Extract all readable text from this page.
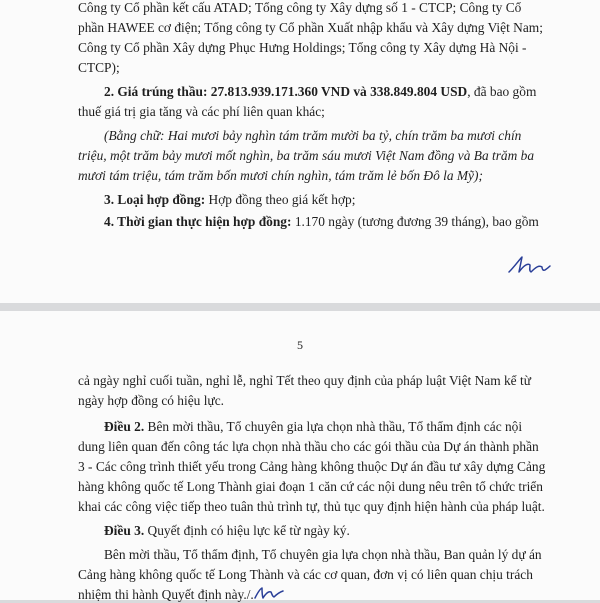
Công ty Cổ phần kết cấu ATAD; Tổng công ty Xây dựng số 1 - CTCP; Công ty Cổ
phần HAWEE cơ điện; Tổng công ty Cổ phần Xuất nhập khẩu và Xây dựng Việt Nam;
Công ty Cổ phần Xây dựng Phục Hưng Holdings; Tổng công ty Xây dựng Hà Nội -
CTCP);
2. Giá trúng thầu: 27.813.939.171.360 VND và 338.849.804 USD, đã bao gồm
thuế giá trị gia tăng và các phí liên quan khác;
(Bằng chữ: Hai mươi bảy nghìn tám trăm mười ba tỷ, chín trăm ba mươi chín
triệu, một trăm bảy mươi mốt nghìn, ba trăm sáu mươi Việt Nam đồng và Ba trăm ba
mươi tám triệu, tám trăm bốn mươi chín nghìn, tám trăm lẻ bốn Đô la Mỹ);
3. Loại hợp đồng: Hợp đồng theo giá kết hợp;
4. Thời gian thực hiện hợp đồng: 1.170 ngày (tương đương 39 tháng), bao gồm
5
cả ngày nghỉ cuối tuần, nghỉ lễ, nghỉ Tết theo quy định của pháp luật Việt Nam kể từ
ngày hợp đồng có hiệu lực.
Điều 2. Bên mời thầu, Tổ chuyên gia lựa chọn nhà thầu, Tổ thẩm định các nội
dung liên quan đến công tác lựa chọn nhà thầu cho các gói thầu của Dự án thành phần
3 - Các công trình thiết yếu trong Cảng hàng không thuộc Dự án đầu tư xây dựng Cảng
hàng không quốc tế Long Thành giai đoạn 1 căn cứ các nội dung nêu trên tổ chức triển
khai các công việc tiếp theo tuân thủ trình tự, thủ tục quy định hiện hành của pháp luật.
Điều 3. Quyết định có hiệu lực kể từ ngày ký.
Bên mời thầu, Tổ thẩm định, Tổ chuyên gia lựa chọn nhà thầu, Ban quản lý dự án
Cảng hàng không quốc tế Long Thành và các cơ quan, đơn vị có liên quan chịu trách
nhiệm thi hành Quyết định này./.
